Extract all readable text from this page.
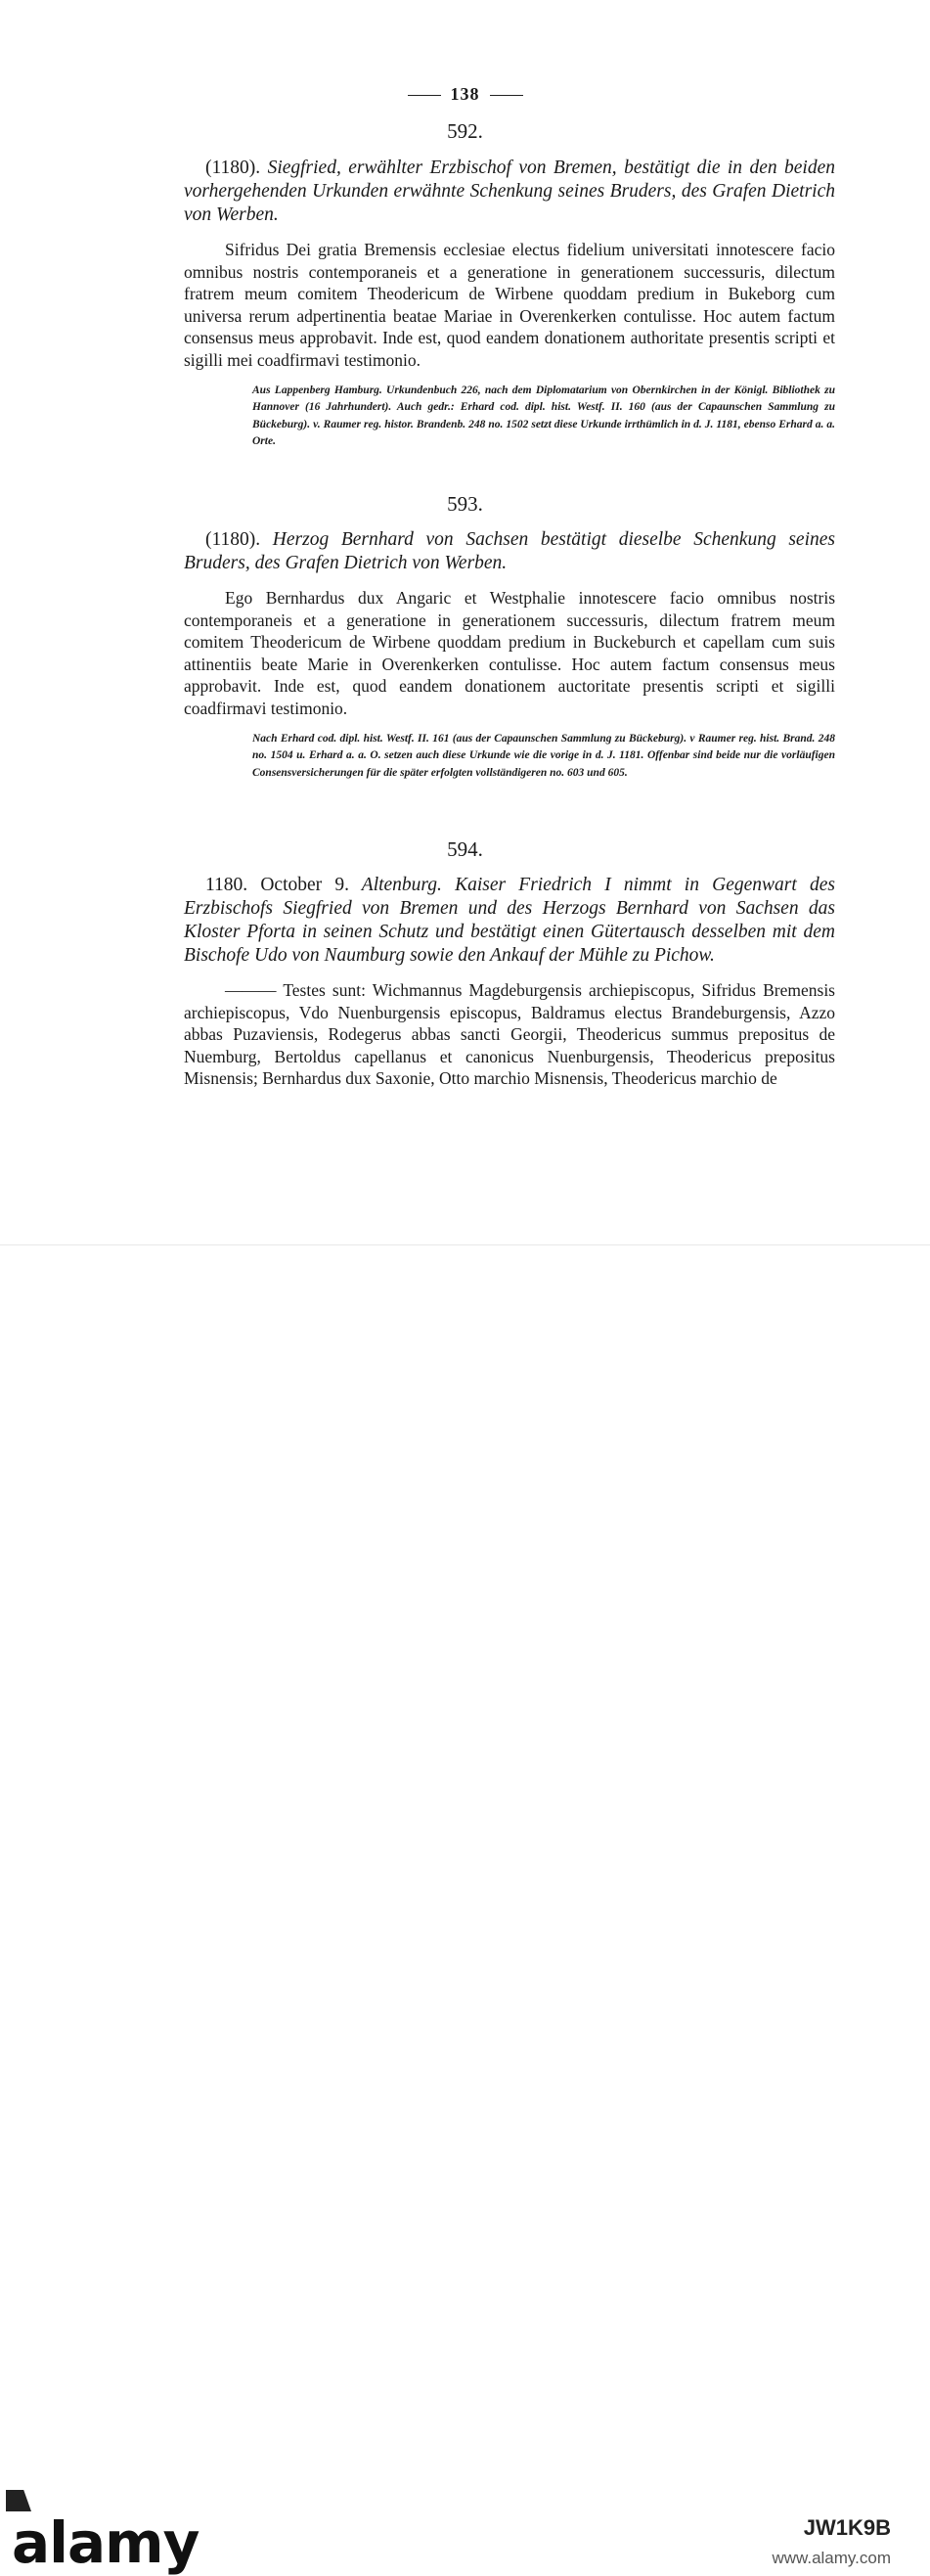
138
592.
(1180). Siegfried, erwählter Erzbischof von Bremen, bestätigt die in den beiden vorhergehenden Urkunden erwähnte Schenkung seines Bruders, des Grafen Dietrich von Werben.
Sifridus Dei gratia Bremensis ecclesiae electus fidelium universitati innotescere facio omnibus nostris contemporaneis et a generatione in generationem successuris, dilectum fratrem meum comitem Theodericum de Wirbene quoddam predium in Bukeborg cum universa rerum adpertinentia beatae Mariae in Overenkerken contulisse. Hoc autem factum consensus meus approbavit. Inde est, quod eandem donationem authoritate presentis scripti et sigilli mei coadfirmavi testimonio.
Aus Lappenberg Hamburg. Urkundenbuch 226, nach dem Diplomatarium von Obernkirchen in der Königl. Bibliothek zu Hannover (16 Jahrhundert). Auch gedr.: Erhard cod. dipl. hist. Westf. II. 160 (aus der Capaunschen Sammlung zu Bückeburg). v. Raumer reg. histor. Brandenb. 248 no. 1502 setzt diese Urkunde irrthümlich in d. J. 1181, ebenso Erhard a. a. Orte.
593.
(1180). Herzog Bernhard von Sachsen bestätigt dieselbe Schenkung seines Bruders, des Grafen Dietrich von Werben.
Ego Bernhardus dux Angaric et Westphalie innotescere facio omnibus nostris contemporaneis et a generatione in generationem successuris, dilectum fratrem meum comitem Theodericum de Wirbene quoddam predium in Buckeburch et capellam cum suis attinentiis beate Marie in Overenkerken contulisse. Hoc autem factum consensus meus approbavit. Inde est, quod eandem donationem auctoritate presentis scripti et sigilli coadfirmavi testimonio.
Nach Erhard cod. dipl. hist. Westf. II. 161 (aus der Capaunschen Sammlung zu Bückeburg). v Raumer reg. hist. Brand. 248 no. 1504 u. Erhard a. a. O. setzen auch diese Urkunde wie die vorige in d. J. 1181. Offenbar sind beide nur die vorläufigen Consensversicherungen für die später erfolgten vollständigeren no. 603 und 605.
594.
1180. October 9. Altenburg. Kaiser Friedrich I nimmt in Gegenwart des Erzbischofs Siegfried von Bremen und des Herzogs Bernhard von Sachsen das Kloster Pforta in seinen Schutz und bestätigt einen Gütertausch desselben mit dem Bischofe Udo von Naumburg sowie den Ankauf der Mühle zu Pichow.
——— Testes sunt: Wichmannus Magdeburgensis archiepiscopus, Sifridus Bremensis archiepiscopus, Vdo Nuenburgensis episcopus, Baldramus electus Brandeburgensis, Azzo abbas Puzaviensis, Rodegerus abbas sancti Georgii, Theodericus summus prepositus de Nuemburg, Bertoldus capellanus et canonicus Nuenburgensis, Theodericus prepositus Misnensis; Bernhardus dux Saxonie, Otto marchio Misnensis, Theodericus marchio de
alamy	JW1K9B
www.alamy.com
